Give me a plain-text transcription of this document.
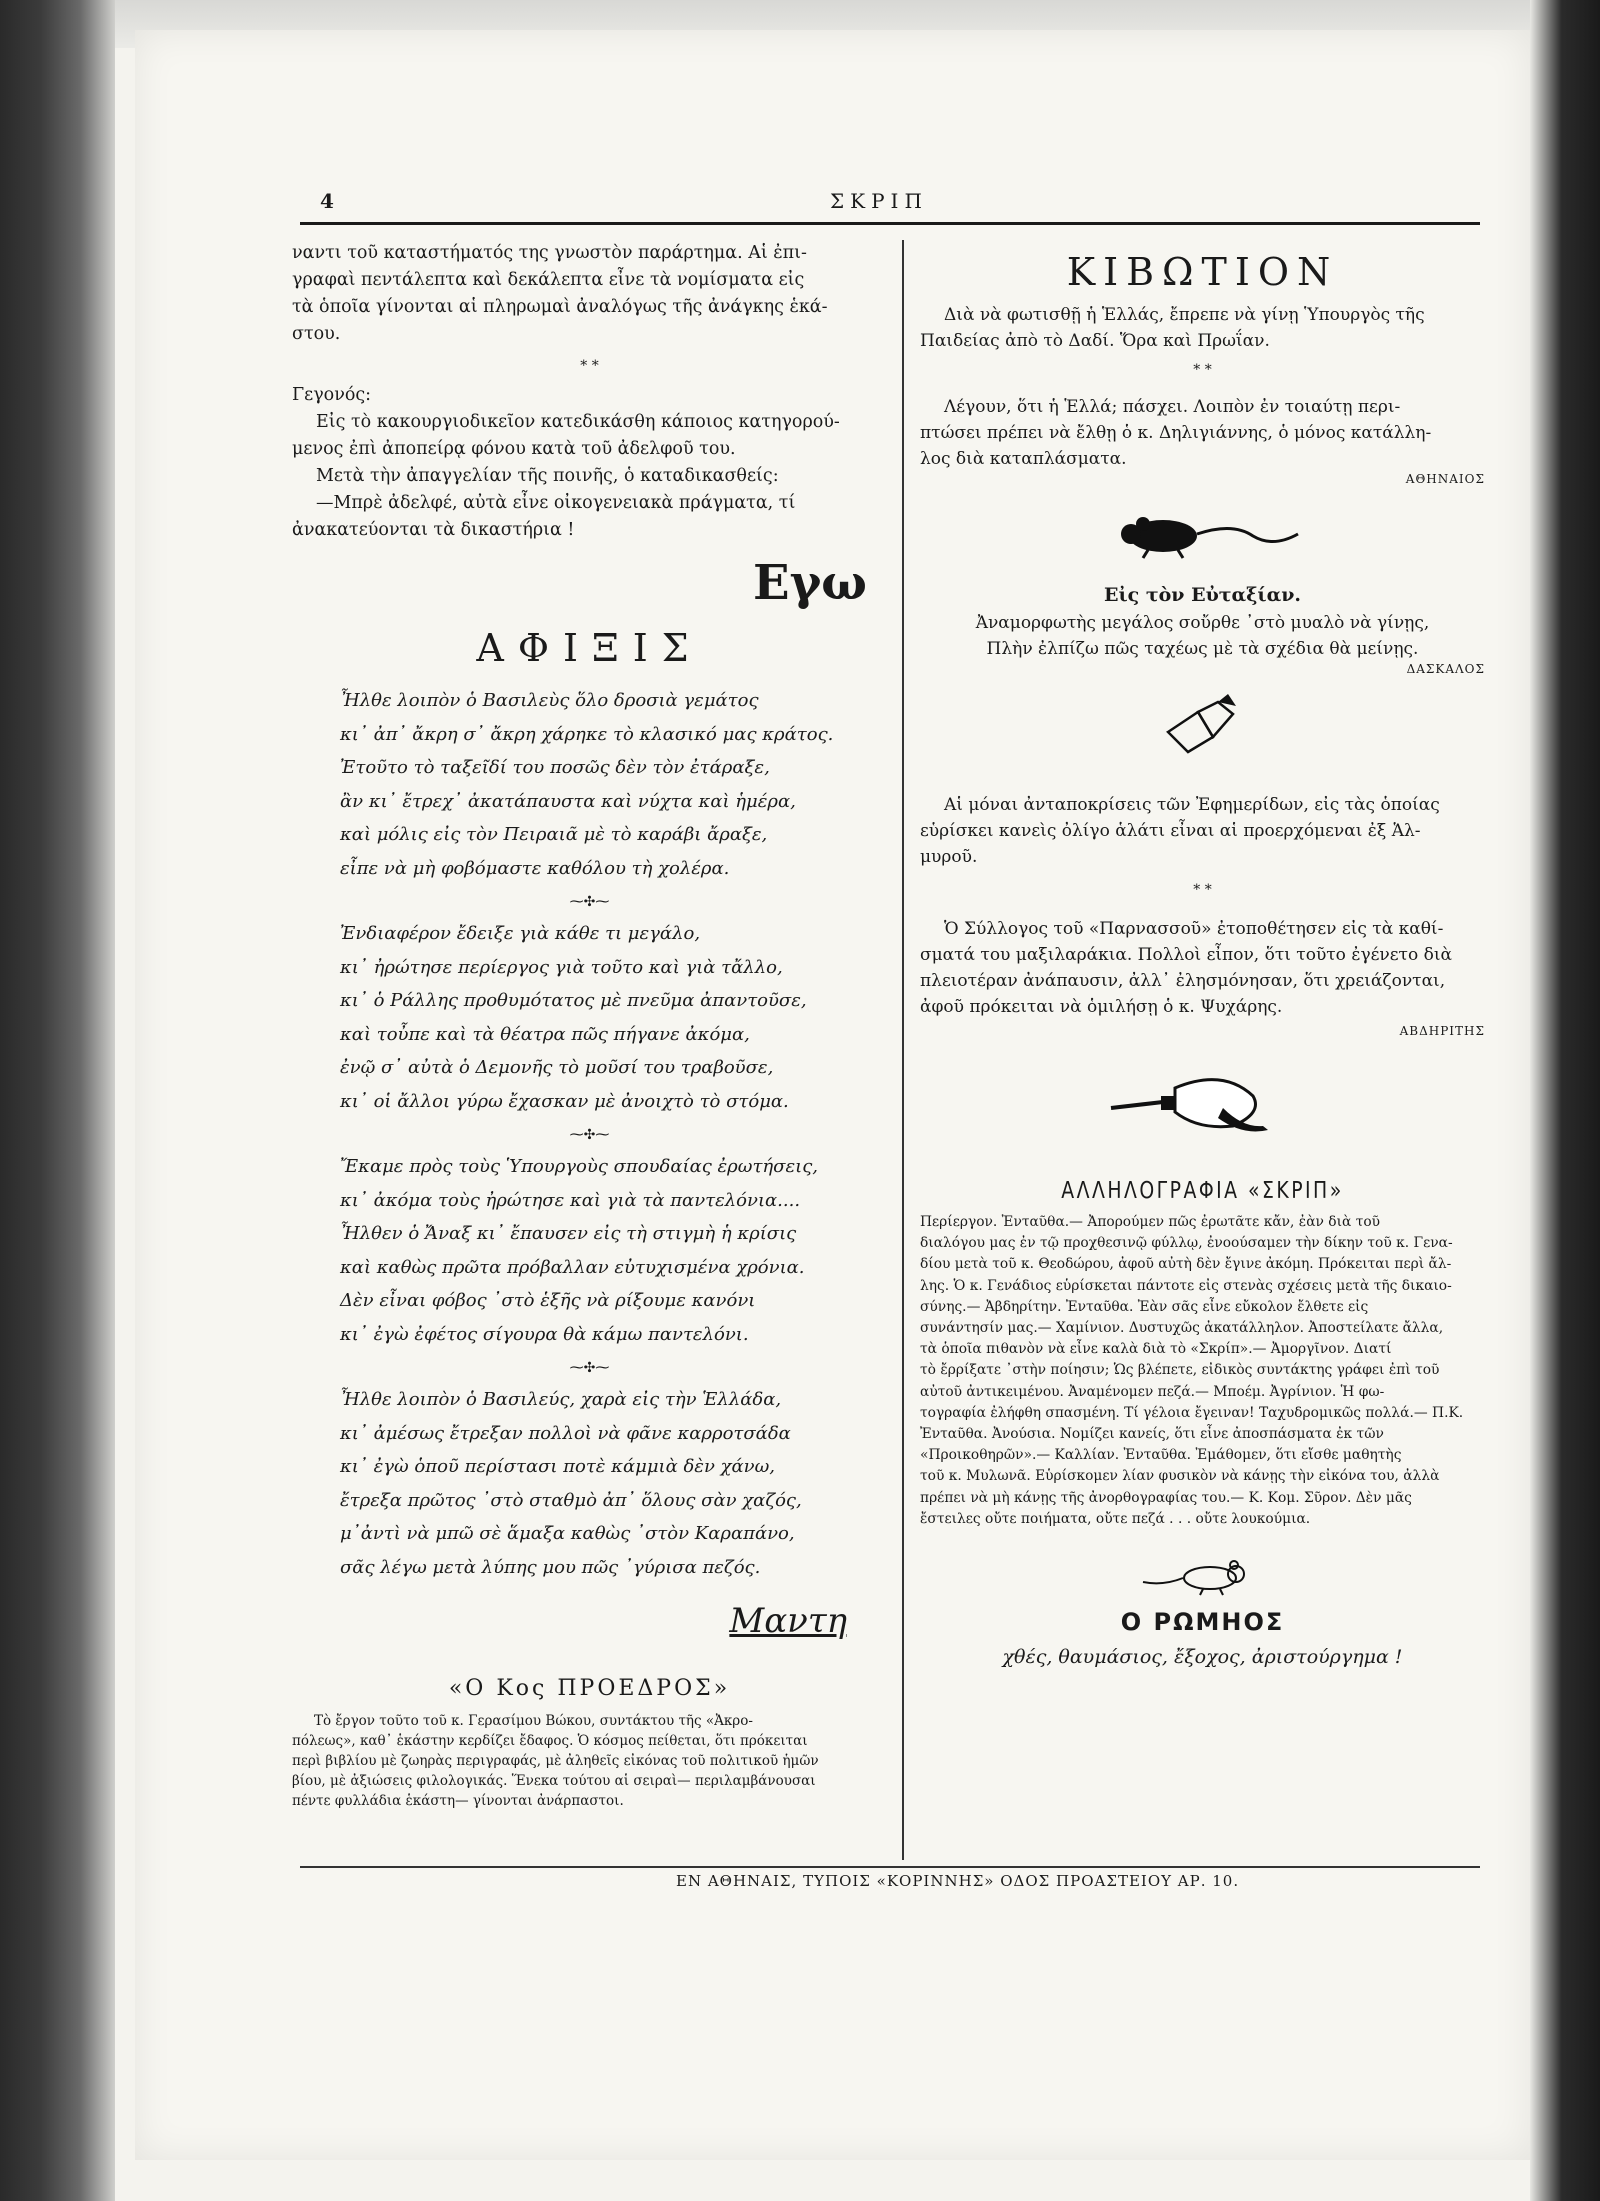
4	ΣΚΡΙΠ

ναντι τοῦ καταστήματός της γνωστὸν παράρτημα. Αἱ ἐπι-

γραφαὶ πεντάλεπτα καὶ δεκάλεπτα εἶνε τὰ νομίσματα εἰς

τὰ ὁποῖα γίνονται αἱ πληρωμαὶ ἀναλόγως τῆς ἀνάγκης ἑκά-

στου.

* *

Γεγονός:

Εἰς τὸ κακουργιοδικεῖον κατεδικάσθη κάποιος κατηγορού-

μενος ἐπὶ ἀποπείρᾳ φόνου κατὰ τοῦ ἀδελφοῦ του.

Μετὰ τὴν ἀπαγγελίαν τῆς ποινῆς, ὁ καταδικασθείς:

—Μπρὲ ἀδελφέ, αὐτὰ εἶνε οἰκογενειακὰ πράγματα, τί

ἀνακατεύονται τὰ δικαστήρια !

Εγω
ΑΦΙΞΙΣ

Ἦλθε λοιπὸν ὁ Βασιλεὺς ὅλο δροσιὰ γεμάτος

κι᾽ ἀπ᾽ ἄκρη σ᾽ ἄκρη χάρηκε τὸ κλασικό μας κράτος.

Ἐτοῦτο τὸ ταξεῖδί του ποσῶς δὲν τὸν ἐτάραξε,

ἂν κι᾽ ἔτρεχ᾽ ἀκατάπαυστα καὶ νύχτα καὶ ἡμέρα,

καὶ μόλις εἰς τὸν Πειραιᾶ μὲ τὸ καράβι ἄραξε,

εἶπε νὰ μὴ φοβόμαστε καθόλου τὴ χολέρα.

⁓✣⁓

Ἐνδιαφέρον ἔδειξε γιὰ κάθε τι μεγάλο,

κι᾽ ἠρώτησε περίεργος γιὰ τοῦτο καὶ γιὰ τἄλλο,

κι᾽ ὁ Ράλλης προθυμότατος μὲ πνεῦμα ἀπαντοῦσε,

καὶ τοὖπε καὶ τὰ θέατρα πῶς πήγανε ἀκόμα,

ἐνῷ σ᾽ αὐτὰ ὁ Δεμονῆς τὸ μοῦσί του τραβοῦσε,

κι᾽ οἱ ἄλλοι γύρω ἔχασκαν μὲ ἀνοιχτὸ τὸ στόμα.

⁓✣⁓

Ἔκαμε πρὸς τοὺς Ὑπουργοὺς σπουδαίας ἐρωτήσεις,

κι᾽ ἀκόμα τοὺς ἠρώτησε καὶ γιὰ τὰ παντελόνια....

Ἦλθεν ὁ Ἄναξ κι᾽ ἔπαυσεν εἰς τὴ στιγμὴ ἡ κρίσις

καὶ καθὼς πρῶτα πρόβαλλαν εὐτυχισμένα χρόνια.

Δὲν εἶναι φόβος ᾽στὸ ἑξῆς νὰ ρίξουμε κανόνι

κι᾽ ἐγὼ ἐφέτος σίγουρα θὰ κάμω παντελόνι.

⁓✣⁓

Ἦλθε λοιπὸν ὁ Βασιλεύς, χαρὰ εἰς τὴν Ἑλλάδα,

κι᾽ ἀμέσως ἔτρεξαν πολλοὶ νὰ φᾶνε καρροτσάδα

κι᾽ ἐγὼ ὁποῦ περίστασι ποτὲ κάμμιὰ δὲν χάνω,

ἔτρεξα πρῶτος ᾽στὸ σταθμὸ ἀπ᾽ ὅλους σὰν χαζός,

μ᾽ἀντὶ νὰ μπῶ σὲ ἅμαξα καθὼς ᾽στὸν Καραπάνο,

σᾶς λέγω μετὰ λύπης μου πῶς ᾽γύρισα πεζός.

Μαντη
«Ο Κος ΠΡΟΕΔΡΟΣ»

Τὸ ἔργον τοῦτο τοῦ κ. Γερασίμου Βώκου, συντάκτου τῆς «Ἀκρο-

πόλεως», καθ᾽ ἑκάστην κερδίζει ἔδαφος. Ὁ κόσμος πείθεται, ὅτι πρόκειται

περὶ βιβλίου μὲ ζωηρὰς περιγραφάς, μὲ ἀληθεῖς εἰκόνας τοῦ πολιτικοῦ ἡμῶν

βίου, μὲ ἀξιώσεις φιλολογικάς. Ἕνεκα τούτου αἱ σειραὶ— περιλαμβάνουσαι

πέντε φυλλάδια ἑκάστη— γίνονται ἀνάρπαστοι.

ΚΙΒΩΤΙΟΝ

Διὰ νὰ φωτισθῇ ἡ Ἑλλάς, ἔπρεπε νὰ γίνῃ Ὑπουργὸς τῆς

Παιδείας ἀπὸ τὸ Δαδί. Ὅρα καὶ Πρωΐαν.

* *

Λέγουν, ὅτι ἡ Ἑλλά; πάσχει. Λοιπὸν ἐν τοιαύτῃ περι-

πτώσει πρέπει νὰ ἔλθῃ ὁ κ. Δηλιγιάννης, ὁ μόνος κατάλλη-

λος διὰ καταπλάσματα.

ΑΘΗΝΑΙΟΣ
Εἰς τὸν Εὐταξίαν.

Ἀναμορφωτὴς μεγάλος σοὔρθε ᾽στὸ μυαλὸ νὰ γίνῃς,

Πλὴν ἐλπίζω πῶς ταχέως μὲ τὰ σχέδια θὰ μείνῃς.

ΔΑΣΚΑΛΟΣ

Αἱ μόναι ἀνταποκρίσεις τῶν Ἐφημερίδων, εἰς τὰς ὁποίας

εὑρίσκει κανεὶς ὀλίγο ἁλάτι εἶναι αἱ προερχόμεναι ἐξ Ἁλ-

μυροῦ.

* *

Ὁ Σύλλογος τοῦ «Παρνασσοῦ» ἐτοποθέτησεν εἰς τὰ καθί-

σματά του μαξιλαράκια. Πολλοὶ εἶπον, ὅτι τοῦτο ἐγένετο διὰ

πλειοτέραν ἀνάπαυσιν, ἀλλ᾽ ἐλησμόνησαν, ὅτι χρειάζονται,

ἀφοῦ πρόκειται νὰ ὁμιλήσῃ ὁ κ. Ψυχάρης.

ΑΒΔΗΡΙΤΗΣ
ΑΛΛΗΛΟΓΡΑΦΙΑ «ΣΚΡΙΠ»

Περίεργον. Ἐνταῦθα.— Ἀπορούμεν πῶς ἐρωτᾶτε κἄν, ἐὰν διὰ τοῦ

διαλόγου μας ἐν τῷ προχθεσινῷ φύλλῳ, ἐνοούσαμεν τὴν δίκην τοῦ κ. Γενα-

δίου μετὰ τοῦ κ. Θεοδώρου, ἀφοῦ αὐτὴ δὲν ἔγινε ἀκόμη. Πρόκειται περὶ ἄλ-

λης. Ὁ κ. Γενάδιος εὑρίσκεται πάντοτε εἰς στενὰς σχέσεις μετὰ τῆς δικαιο-

σύνης.— Ἀβδηρίτην. Ἐνταῦθα. Ἐὰν σᾶς εἶνε εὔκολον ἔλθετε εἰς

συνάντησίν μας.— Χαμίνιον. Δυστυχῶς ἀκατάλληλον. Ἀποστείλατε ἄλλα,

τὰ ὁποῖα πιθανὸν νὰ εἶνε καλὰ διὰ τὸ «Σκρίπ».— Ἀμοργῖνον. Διατί

τὸ ἔρρίξατε ᾽στὴν ποίησιν; Ὡς βλέπετε, εἰδικὸς συντάκτης γράφει ἐπὶ τοῦ

αὐτοῦ ἀντικειμένου. Ἀναμένομεν πεζά.— Μποέμ. Ἀγρίνιον. Ἡ φω-

τογραφία ἐλήφθη σπασμένη. Τί γέλοια ἔγειναν! Ταχυδρομικῶς πολλά.— Π.Κ.

Ἐνταῦθα. Ἀνούσια. Νομίζει κανείς, ὅτι εἶνε ἀποσπάσματα ἐκ τῶν

«Προικοθηρῶν».— Καλλίαν. Ἐνταῦθα. Ἐμάθομεν, ὅτι εἴσθε μαθητὴς

τοῦ κ. Μυλωνᾶ. Εὑρίσκομεν λίαν φυσικὸν νὰ κάνῃς τὴν εἰκόνα του, ἀλλὰ

πρέπει νὰ μὴ κάνῃς τῆς ἀνορθογραφίας του.— Κ. Κομ. Σῦρον. Δὲν μᾶς

ἔστειλες οὔτε ποιήματα, οὔτε πεζά . . . οὔτε λουκούμια.

Ο ΡΩΜΗΟΣ
χθές, θαυμάσιος, ἔξοχος, ἀριστούργημα !
ΕΝ ΑΘΗΝΑΙΣ, ΤΥΠΟΙΣ «ΚΟΡΙΝΝΗΣ» ΟΔΟΣ ΠΡΟΑΣΤΕΙΟΥ ΑΡ. 10.
